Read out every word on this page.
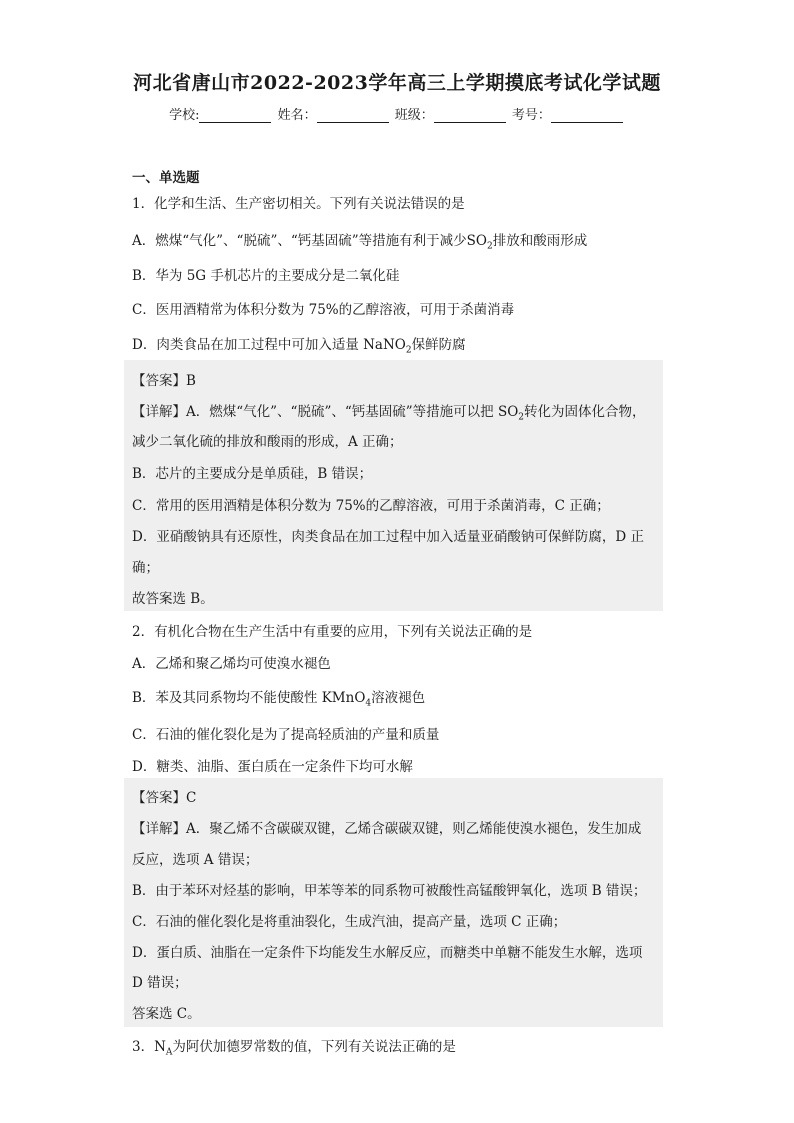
河北省唐山市2022-2023学年高三上学期摸底考试化学试题
学校:	姓名：	班级：	考号：
一、单选题
1．化学和生活、生产密切相关。下列有关说法错误的是
A．燃煤“气化”、“脱硫”、“钙基固硫”等措施有利于减少$SO_2$排放和酸雨形成
B．华为 5G 手机芯片的主要成分是二氧化硅
C．医用酒精常为体积分数为 75%的乙醇溶液，可用于杀菌消毒
D．肉类食品在加工过程中可加入适量 NaNO$_2$保鲜防腐
【答案】B
【详解】A．燃煤“气化”、“脱硫”、“钙基固硫”等措施可以把 $SO_2$转化为固体化合物，
减少二氧化硫的排放和酸雨的形成，A 正确；
B．芯片的主要成分是单质硅，B 错误；
C．常用的医用酒精是体积分数为 75%的乙醇溶液，可用于杀菌消毒，C 正确；
D．亚硝酸钠具有还原性，肉类食品在加工过程中加入适量亚硝酸钠可保鲜防腐，D 正
确；
故答案选 B。
2．有机化合物在生产生活中有重要的应用，下列有关说法正确的是
A．乙烯和聚乙烯均可使溴水褪色
B．苯及其同系物均不能使酸性 KMnO$_4$溶液褪色
C．石油的催化裂化是为了提高轻质油的产量和质量
D．糖类、油脂、蛋白质在一定条件下均可水解
【答案】C
【详解】A．聚乙烯不含碳碳双键，乙烯含碳碳双键，则乙烯能使溴水褪色，发生加成
反应，选项 A 错误；
B．由于苯环对烃基的影响，甲苯等苯的同系物可被酸性高锰酸钾氧化，选项 B 错误；
C．石油的催化裂化是将重油裂化，生成汽油，提高产量，选项 C 正确；
D．蛋白质、油脂在一定条件下均能发生水解反应，而糖类中单糖不能发生水解，选项
D 错误；
答案选 C。
3．$N_A$为阿伏加德罗常数的值，下列有关说法正确的是
